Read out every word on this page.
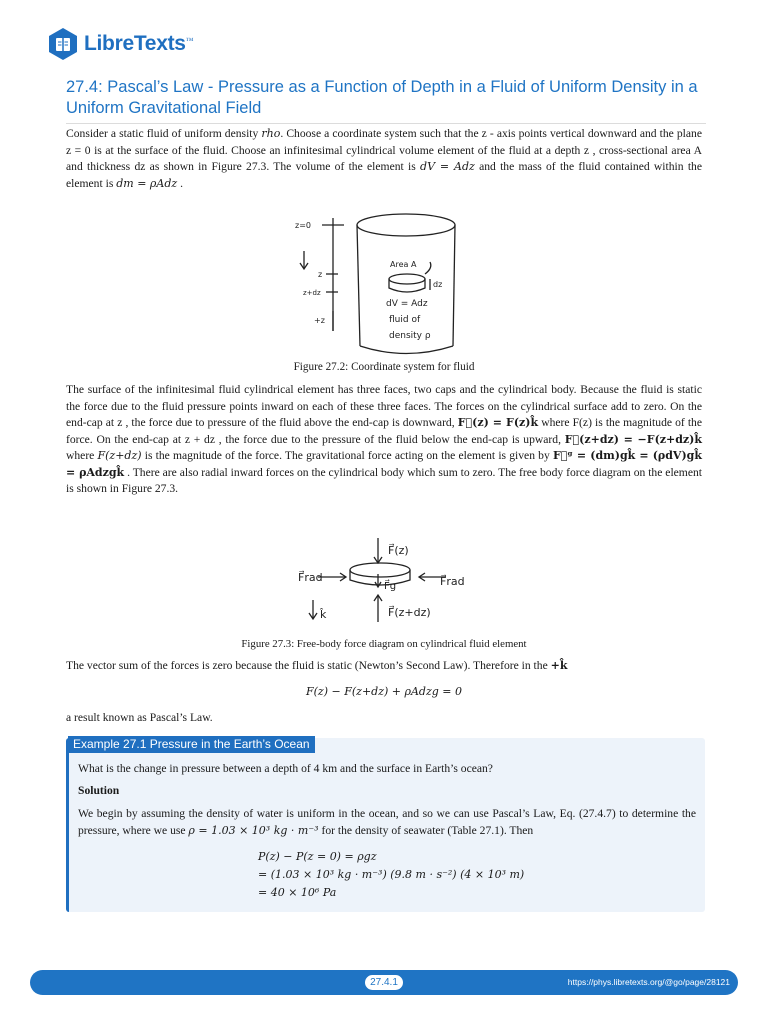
LibreTexts ™
27.4: Pascal’s Law - Pressure as a Function of Depth in a Fluid of Uniform Density in a Uniform Gravitational Field
Consider a static fluid of uniform density rho. Choose a coordinate system such that the z - axis points vertical downward and the plane z = 0 is at the surface of the fluid. Choose an infinitesimal cylindrical volume element of the fluid at a depth z , cross-sectional area A and thickness dz as shown in Figure 27.3. The volume of the element is dV = Adz and the mass of the fluid contained within the element is dm = ρAdz .
z=0
z
z+dz
+z
Area A
dz
dV = Adz
fluid of
density ρ
Figure 27.2: Coordinate system for fluid
The surface of the infinitesimal fluid cylindrical element has three faces, two caps and the cylindrical body. Because the fluid is static the force due to the fluid pressure points inward on each of these three faces. The forces on the cylindrical surface add to zero. On the end-cap at z , the force due to pressure of the fluid above the end-cap is downward, F⃗(z) = F(z)k̂ where F(z) is the magnitude of the force. On the end-cap at z + dz , the force due to the pressure of the fluid below the end-cap is upward, F⃗(z+dz) = −F(z+dz)k̂ where F(z+dz) is the magnitude of the force. The gravitational force acting on the element is given by F⃗ᵍ = (dm)gk̂ = (ρdV)gk̂ = ρAdzgk̂ . There are also radial inward forces on the cylindrical body which sum to zero. The free body force diagram on the element is shown in Figure 27.3.
F⃗(z)
F⃗rad	F⃗rad
F⃗g
k̂	F⃗(z+dz)
Figure 27.3: Free-body force diagram on cylindrical fluid element
The vector sum of the forces is zero because the fluid is static (Newton’s Second Law). Therefore in the +k̂
F(z) − F(z+dz) + ρAdzg = 0
a result known as Pascal’s Law.
Example 27.1 Pressure in the Earth’s Ocean
What is the change in pressure between a depth of 4 km and the surface in Earth’s ocean?
Solution
We begin by assuming the density of water is uniform in the ocean, and so we can use Pascal’s Law, Eq. (27.4.7) to determine the pressure, where we use ρ = 1.03 × 10³ kg · m⁻³ for the density of seawater (Table 27.1). Then
P(z) − P(z = 0) = ρgz
= (1.03 × 10³ kg · m⁻³) (9.8 m · s⁻²) (4 × 10³ m)
= 40 × 10⁶ Pa
27.4.1	https://phys.libretexts.org/@go/page/28121
